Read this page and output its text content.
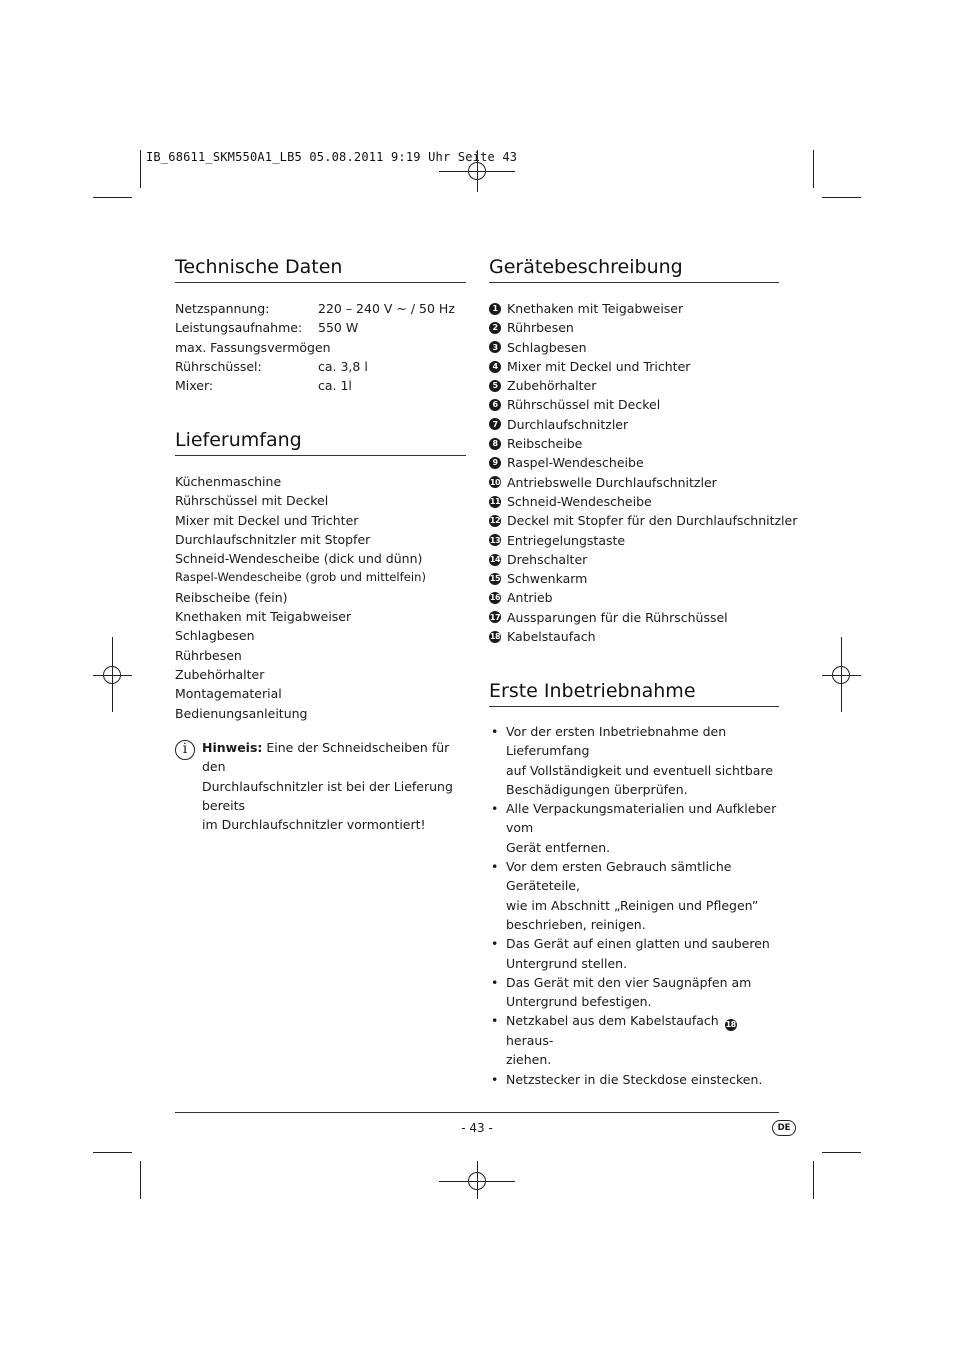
IB_68611_SKM550A1_LB5 05.08.2011 9:19 Uhr Seite 43
Technische Daten
Netzspannung:	220 – 240 V ~ / 50 Hz
Leistungsaufnahme:	550 W
max. Fassungsvermögen
Rührschüssel:	ca. 3,8 l
Mixer:	ca. 1l
Lieferumfang
Küchenmaschine
Rührschüssel mit Deckel
Mixer mit Deckel und Trichter
Durchlaufschnitzler mit Stopfer
Schneid-Wendescheibe (dick und dünn)
Raspel-Wendescheibe (grob und mittelfein)
Reibscheibe (fein)
Knethaken mit Teigabweiser
Schlagbesen
Rührbesen
Zubehörhalter
Montagematerial
Bedienungsanleitung
i	Hinweis: Eine der Schneidscheiben für den
Durchlaufschnitzler ist bei der Lieferung bereits
im Durchlaufschnitzler vormontiert!
Gerätebeschreibung
1 Knethaken mit Teigabweiser
2 Rührbesen
3 Schlagbesen
4 Mixer mit Deckel und Trichter
5 Zubehörhalter
6 Rührschüssel mit Deckel
7 Durchlaufschnitzler
8 Reibscheibe
9 Raspel-Wendescheibe
10 Antriebswelle Durchlaufschnitzler
11 Schneid-Wendescheibe
12 Deckel mit Stopfer für den Durchlaufschnitzler
13 Entriegelungstaste
14 Drehschalter
15 Schwenkarm
16 Antrieb
17 Aussparungen für die Rührschüssel
18 Kabelstaufach
Erste Inbetriebnahme
• Vor der ersten Inbetriebnahme den Lieferumfang
auf Vollständigkeit und eventuell sichtbare
Beschädigungen überprüfen.
• Alle Verpackungsmaterialien und Aufkleber vom
Gerät entfernen.
• Vor dem ersten Gebrauch sämtliche Geräteteile,
wie im Abschnitt „Reinigen und Pflegen”
beschrieben, reinigen.
• Das Gerät auf einen glatten und sauberen
Untergrund stellen.
• Das Gerät mit den vier Saugnäpfen am
Untergrund befestigen.
• Netzkabel aus dem Kabelstaufach 18 heraus-
ziehen.
• Netzstecker in die Steckdose einstecken.
- 43 -	DE
